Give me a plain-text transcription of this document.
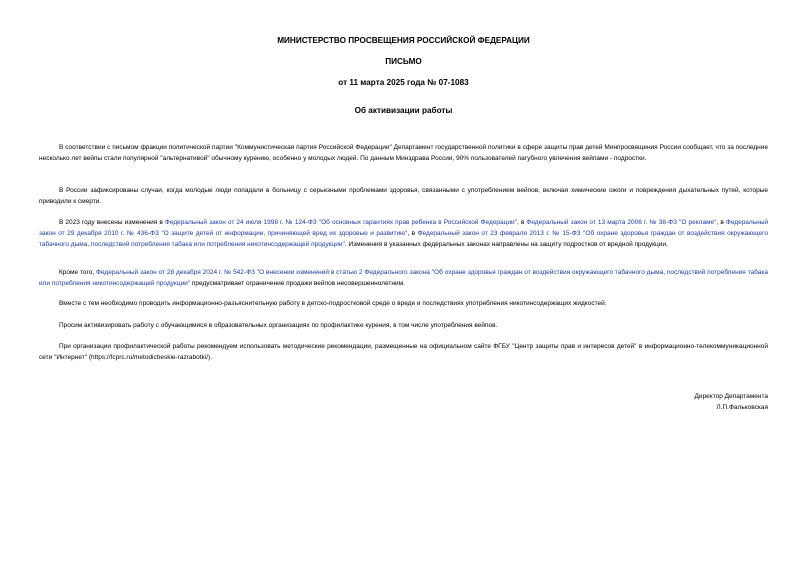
МИНИСТЕРСТВО ПРОСВЕЩЕНИЯ РОССИЙСКОЙ ФЕДЕРАЦИИ
ПИСЬМО
от 11 марта 2025 года № 07-1083
Об активизации работы
В соответствии с письмом фракции политической партии "Коммунистическая партия Российской Федерации" Департамент государственной политики в сфере защиты прав детей Минпросвещения России сообщает, что за последние несколько лет вейпы стали популярной "альтернативой" обычному курению, особенно у молодых людей. По данным Минздрава России, 90% пользователей пагубного увлечения вейпами - подростки.
В России зафиксированы случаи, когда молодые люди попадали в больницу с серьезными проблемами здоровья, связанными с употреблением вейпов, включая химические ожоги и повреждения дыхательных путей, которые приводили к смерти.
В 2023 году внесены изменения в Федеральный закон от 24 июля 1998 г. № 124-ФЗ "Об основных гарантиях прав ребенка в Российской Федерации", в Федеральный закон от 13 марта 2006 г. № 38-ФЗ "О рекламе", в Федеральный закон от 29 декабря 2010 г. № 436-ФЗ "О защите детей от информации, причиняющей вред их здоровью и развитию", в Федеральный закон от 23 февраля 2013 г. № 15-ФЗ "Об охране здоровья граждан от воздействия окружающего табачного дыма, последствий потребления табака или потребления никотинсодержащей продукции". Изменения в указанных федеральных законах направлены на защиту подростков от вредной продукции.
Кроме того, Федеральный закон от 28 декабря 2024 г. № 542-ФЗ "О внесении изменений в статью 2 Федерального закона "Об охране здоровья граждан от воздействия окружающего табачного дыма, последствий потребления табака или потребления никотинсодержащей продукции" предусматривает ограничение продажи вейпов несовершеннолетним.
Вместе с тем необходимо проводить информационно-разъяснительную работу в детско-подростковой среде о вреде и последствиях употребления никотинсодержащих жидкостей.
Просим активизировать работу с обучающимися в образовательных организациях по профилактике курения, в том числе употребления вейпов.
При организации профилактической работы рекомендуем использовать методические рекомендации, размещенные на официальном сайте ФГБУ "Центр защиты прав и интересов детей" в информационно-телекоммуникационной сети "Интернет" (https://fcprc.ru/metodicheskie-razrabotki/).
Директор Департамента
Л.П.Фальковская
